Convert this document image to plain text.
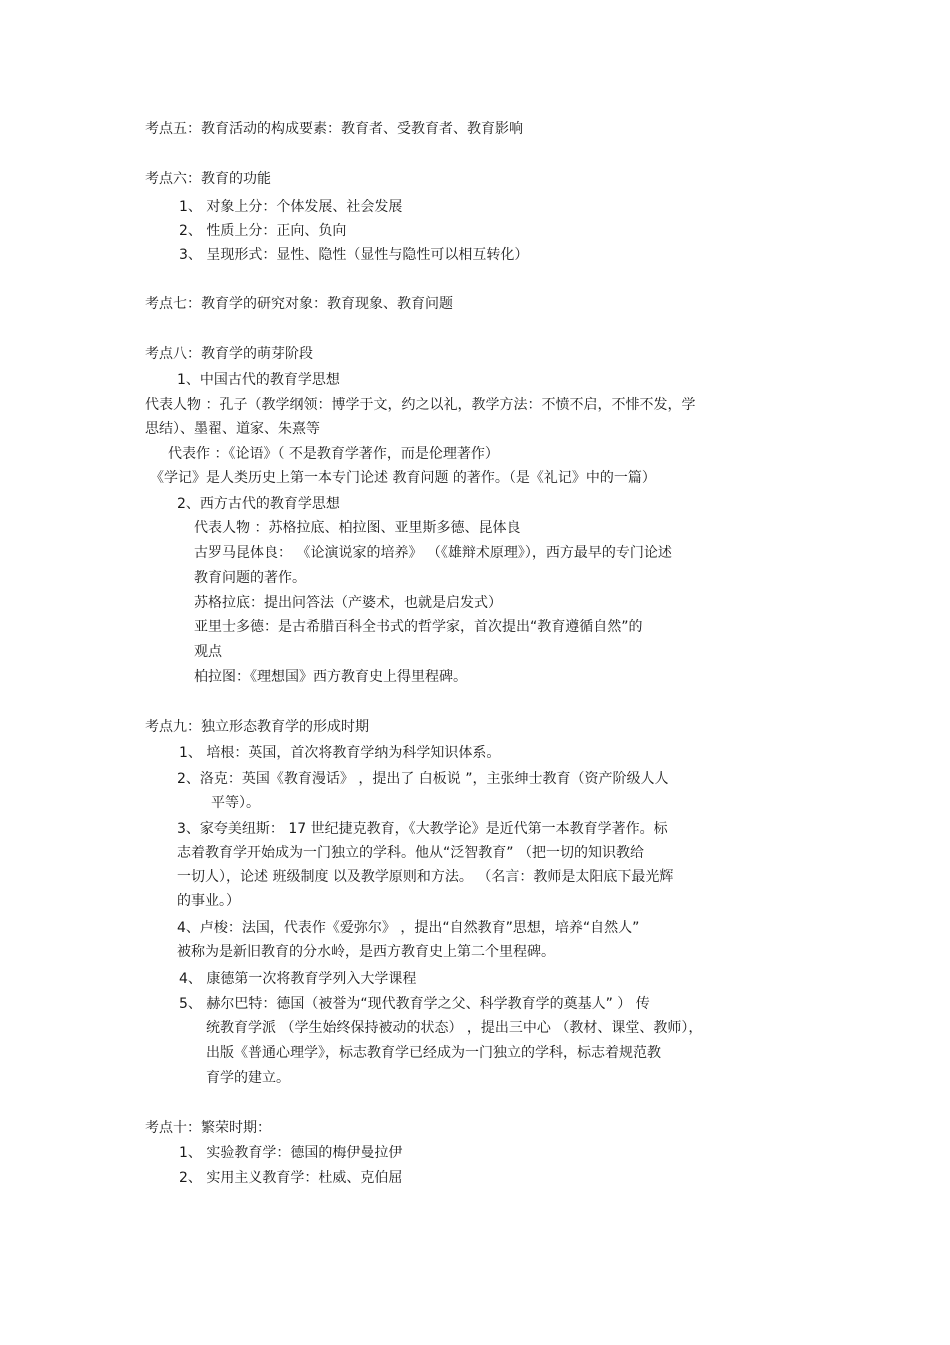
考点五：教育活动的构成要素：教育者、受教育者、教育影响

考点六：教育的功能

1、 对象上分：个体发展、社会发展

2、 性质上分：正向、负向

3、 呈现形式：显性、隐性（显性与隐性可以相互转化）

考点七：教育学的研究对象：教育现象、教育问题

考点八：教育学的萌芽阶段

1、中国古代的教育学思想

代表人物 ：孔子（教学纲领：博学于文，约之以礼，教学方法：不愤不启，不悱不发，学

思结）、墨翟、道家、朱熹等

代表作 ：《论语》（ 不是教育学著作，而是伦理著作）

《学记》是人类历史上第一本专门论述 教育问题 的著作。（是《礼记》中的一篇）

2、西方古代的教育学思想

代表人物 ：苏格拉底、柏拉图、亚里斯多德、昆体良

古罗马昆体良： 《论演说家的培养》 （《雄辩术原理》），西方最早的专门论述

教育问题的著作。

苏格拉底：提出问答法（产婆术，也就是启发式）

亚里士多德：是古希腊百科全书式的哲学家，首次提出“教育遵循自然”的

观点

柏拉图：《理想国》西方教育史上得里程碑。

考点九：独立形态教育学的形成时期

1、 培根：英国，首次将教育学纳为科学知识体系。

2、洛克：英国《教育漫话》 ，提出了 白板说 ”，主张绅士教育（资产阶级人人

平等）。

3、家夸美纽斯： 17 世纪捷克教育，《大教学论》是近代第一本教育学著作。标

志着教育学开始成为一门独立的学科。他从“泛智教育” （把一切的知识教给

一切人），论述 班级制度 以及教学原则和方法。 （名言：教师是太阳底下最光辉

的事业。）

4、卢梭：法国，代表作《爱弥尔》 ，提出“自然教育”思想，培养“自然人”

被称为是新旧教育的分水岭，是西方教育史上第二个里程碑。

4、 康德第一次将教育学列入大学课程

5、 赫尔巴特：德国（被誉为“现代教育学之父、科学教育学的奠基人” ） 传

统教育学派 （学生始终保持被动的状态） ，提出三中心 （教材、课堂、教师），

出版《普通心理学》，标志教育学已经成为一门独立的学科，标志着规范教

育学的建立。

考点十：繁荣时期：

1、 实验教育学：德国的梅伊曼拉伊

2、 实用主义教育学：杜威、克伯屈
